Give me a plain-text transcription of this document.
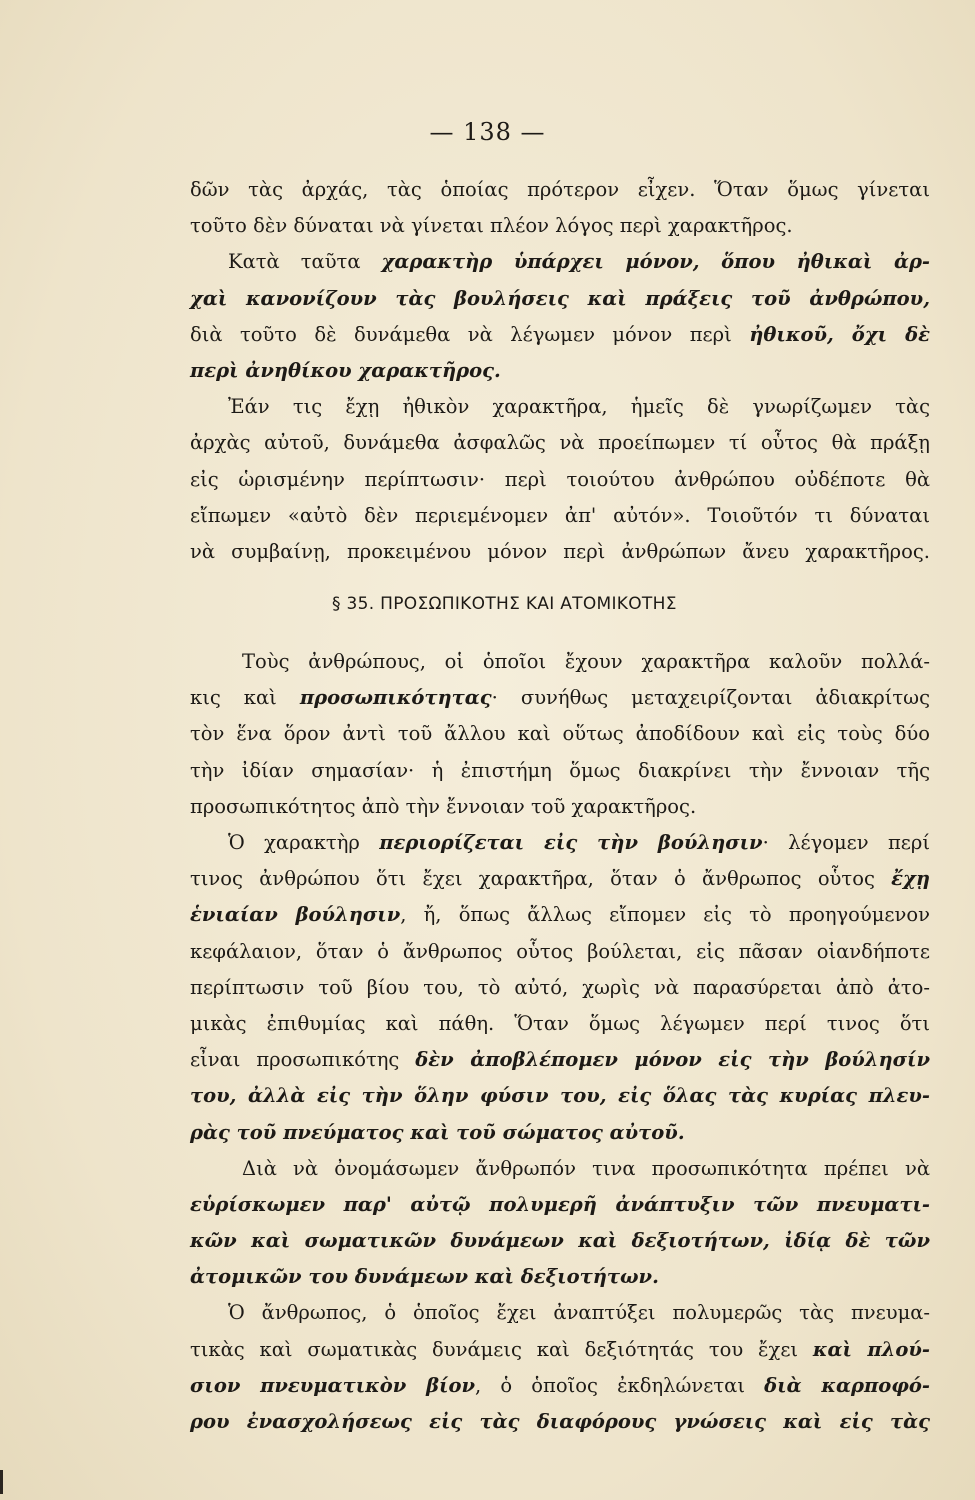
— 138 —
δῶν τὰς ἀρχάς, τὰς ὁποίας πρότερον εἶχεν. Ὅταν ὅμως γίνεται
τοῦτο δὲν δύναται νὰ γίνεται πλέον λόγος περὶ χαρακτῆρος.
Κατὰ ταῦτα χαρακτὴρ ὑπάρχει μόνον, ὅπου ἠθικαὶ ἀρ-
χαὶ κανονίζουν τὰς βουλήσεις καὶ πράξεις τοῦ ἀνθρώπου,
διὰ τοῦτο δὲ δυνάμεθα νὰ λέγωμεν μόνον περὶ ἠθικοῦ, ὄχι δὲ
περὶ ἀνηθίκου χαρακτῆρος.
Ἐάν τις ἔχῃ ἠθικὸν χαρακτῆρα, ἡμεῖς δὲ γνωρίζωμεν τὰς
ἀρχὰς αὐτοῦ, δυνάμεθα ἀσφαλῶς νὰ προείπωμεν τί οὗτος θὰ πράξῃ
εἰς ὡρισμένην περίπτωσιν· περὶ τοιούτου ἀνθρώπου οὐδέποτε θὰ
εἴπωμεν «αὐτὸ δὲν περιεμένομεν ἀπ' αὐτόν». Τοιοῦτόν τι δύναται
νὰ συμβαίνῃ, προκειμένου μόνον περὶ ἀνθρώπων ἄνευ χαρακτῆρος.
§ 35. ΠΡΟΣΩΠΙΚΟΤΗΣ ΚΑΙ ΑΤΟΜΙΚΟΤΗΣ
Τοὺς ἀνθρώπους, οἱ ὁποῖοι ἔχουν χαρακτῆρα καλοῦν πολλά-
κις καὶ προσωπικότητας· συνήθως μεταχειρίζονται ἀδιακρίτως
τὸν ἕνα ὅρον ἀντὶ τοῦ ἄλλου καὶ οὕτως ἀποδίδουν καὶ εἰς τοὺς δύο
τὴν ἰδίαν σημασίαν· ἡ ἐπιστήμη ὅμως διακρίνει τὴν ἔννοιαν τῆς
προσωπικότητος ἀπὸ τὴν ἔννοιαν τοῦ χαρακτῆρος.
Ὁ χαρακτὴρ περιορίζεται εἰς τὴν βούλησιν· λέγομεν περί
τινος ἀνθρώπου ὅτι ἔχει χαρακτῆρα, ὅταν ὁ ἄνθρωπος οὗτος ἔχῃ
ἑνιαίαν βούλησιν, ἤ, ὅπως ἄλλως εἴπομεν εἰς τὸ προηγούμενον
κεφάλαιον, ὅταν ὁ ἄνθρωπος οὗτος βούλεται, εἰς πᾶσαν οἱανδήποτε
περίπτωσιν τοῦ βίου του, τὸ αὐτό, χωρὶς νὰ παρασύρεται ἀπὸ ἀτο-
μικὰς ἐπιθυμίας καὶ πάθη. Ὅταν ὅμως λέγωμεν περί τινος ὅτι
εἶναι προσωπικότης δὲν ἀποβλέπομεν μόνον εἰς τὴν βούλησίν
του, ἀλλὰ εἰς τὴν ὅλην φύσιν του, εἰς ὅλας τὰς κυρίας πλευ-
ρὰς τοῦ πνεύματος καὶ τοῦ σώματος αὐτοῦ.
Διὰ νὰ ὀνομάσωμεν ἄνθρωπόν τινα προσωπικότητα πρέπει νὰ
εὑρίσκωμεν παρ' αὐτῷ πολυμερῆ ἀνάπτυξιν τῶν πνευματι-
κῶν καὶ σωματικῶν δυνάμεων καὶ δεξιοτήτων, ἰδίᾳ δὲ τῶν
ἀτομικῶν του δυνάμεων καὶ δεξιοτήτων.
Ὁ ἄνθρωπος, ὁ ὁποῖος ἔχει ἀναπτύξει πολυμερῶς τὰς πνευμα-
τικὰς καὶ σωματικὰς δυνάμεις καὶ δεξιότητάς του ἔχει καὶ πλού-
σιον πνευματικὸν βίον, ὁ ὁποῖος ἐκδηλώνεται διὰ καρποφό-
ρου ἐνασχολήσεως εἰς τὰς διαφόρους γνώσεις καὶ εἰς τὰς
